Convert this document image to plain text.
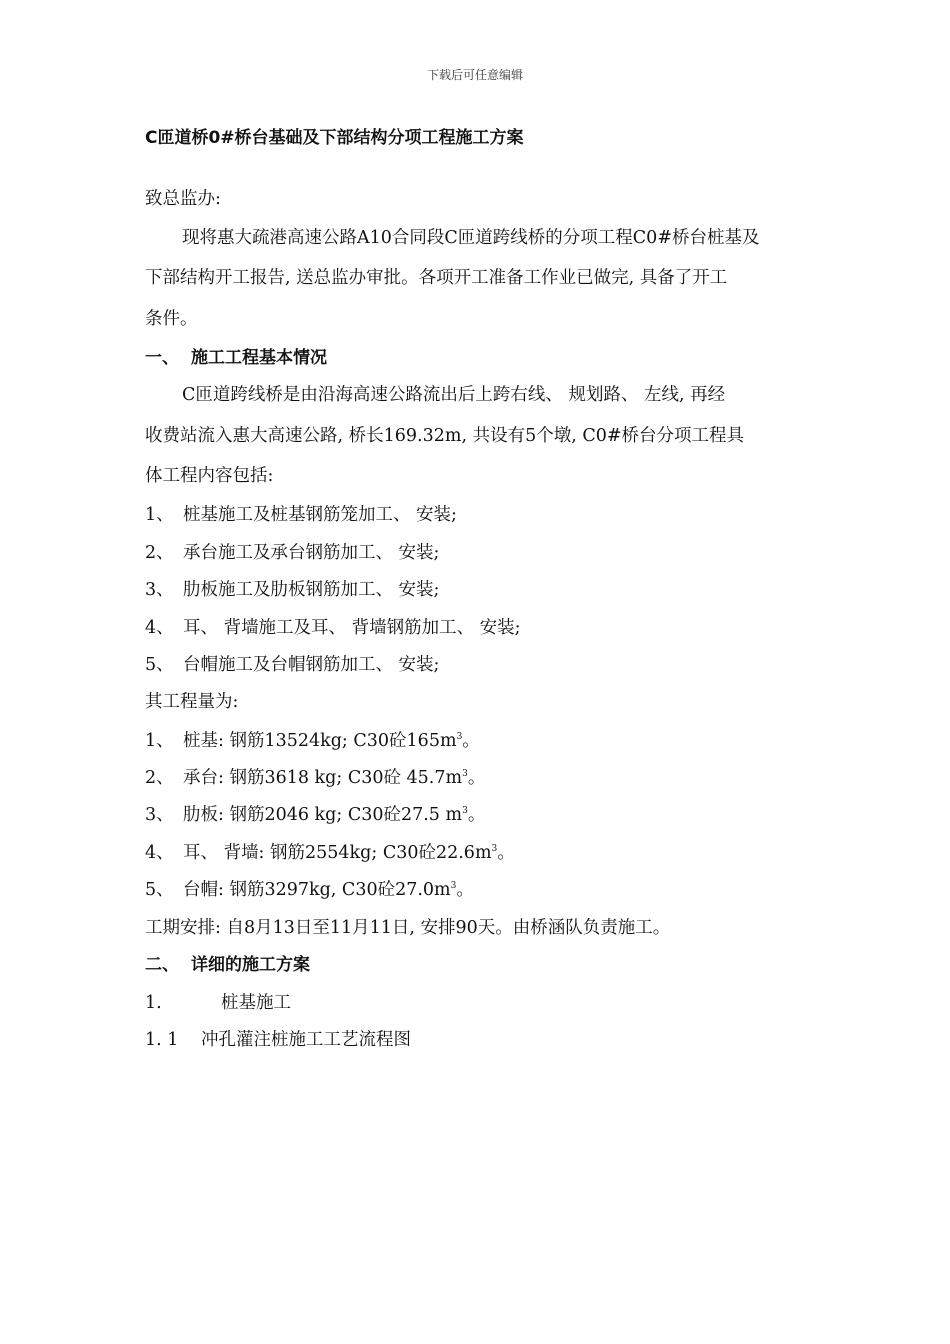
下载后可任意编辑
C匝道桥0#桥台基础及下部结构分项工程施工方案
致总监办:
现将惠大疏港高速公路A10合同段C匝道跨线桥的分项工程C0#桥台桩基及
下部结构开工报告, 送总监办审批。各项开工准备工作业已做完, 具备了开工
条件。
一、 施工工程基本情况
C匝道跨线桥是由沿海高速公路流出后上跨右线、 规划路、 左线, 再经
收费站流入惠大高速公路, 桥长169.32m, 共设有5个墩, C0#桥台分项工程具
体工程内容包括:
1、 桩基施工及桩基钢筋笼加工、 安装;
2、 承台施工及承台钢筋加工、 安装;
3、 肋板施工及肋板钢筋加工、 安装;
4、 耳、 背墙施工及耳、 背墙钢筋加工、 安装;
5、 台帽施工及台帽钢筋加工、 安装;
其工程量为:
1、 桩基: 钢筋13524kg; C30砼$165m^3$。
2、 承台: 钢筋3618 kg; C30砼 $45.7m^3$。
3、 肋板: 钢筋2046 kg; C30砼27.5 $m^3$。
4、 耳、 背墙: 钢筋2554kg; C30砼$22.6m^3$。
5、 台帽: 钢筋3297kg, C30砼$27.0m^3$。
工期安排: 自8月13日至11月11日, 安排90天。由桥涵队负责施工。
二、 详细的施工方案
1.	桩基施工
1. 1 冲孔灌注桩施工工艺流程图
